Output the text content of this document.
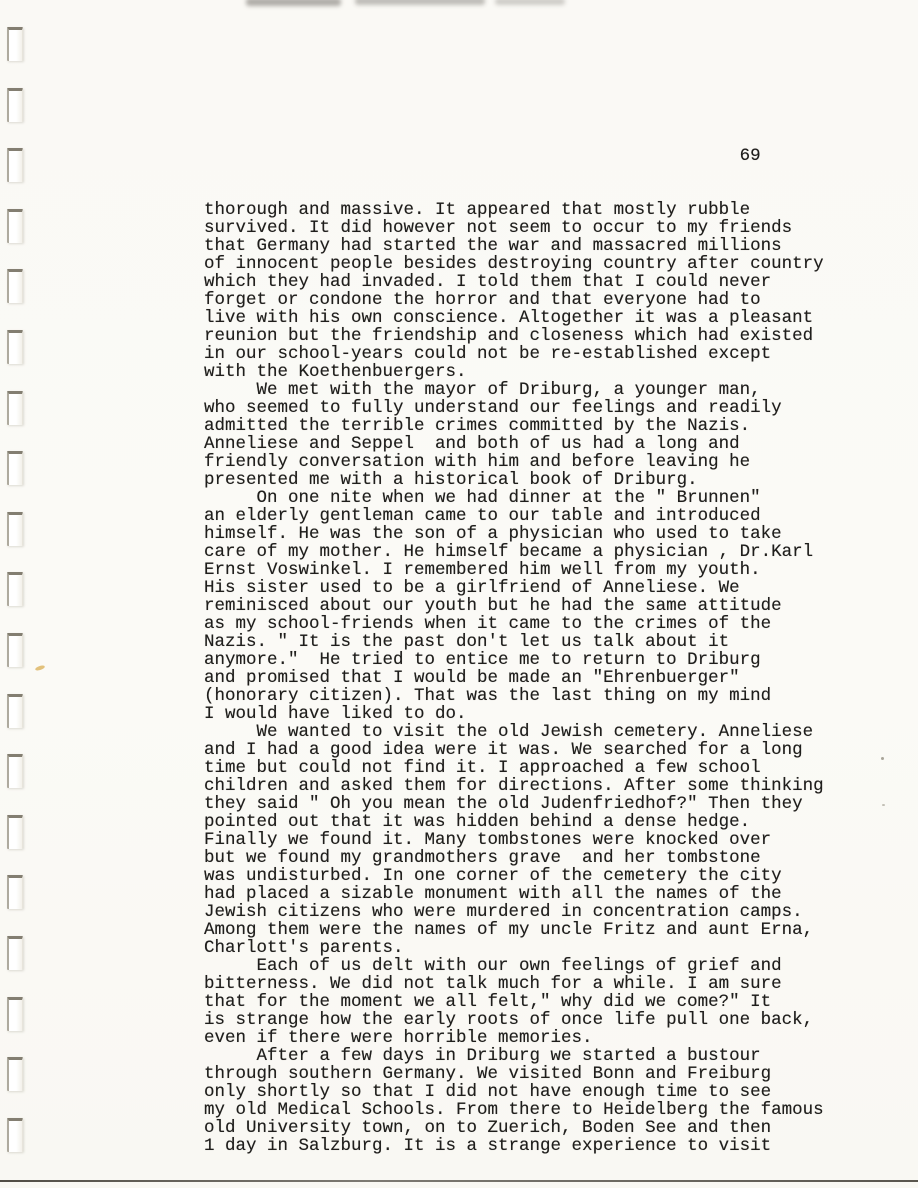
69

thorough and massive. It appeared that mostly rubble
survived. It did however not seem to occur to my friends
that Germany had started the war and massacred millions
of innocent people besides destroying country after country
which they had invaded. I told them that I could never
forget or condone the horror and that everyone had to
live with his own conscience. Altogether it was a pleasant
reunion but the friendship and closeness which had existed
in our school-years could not be re-established except
with the Koethenbuergers.
We met with the mayor of Driburg, a younger man,
who seemed to fully understand our feelings and readily
admitted the terrible crimes committed by the Nazis.
Anneliese and Seppel  and both of us had a long and
friendly conversation with him and before leaving he
presented me with a historical book of Driburg.
On one nite when we had dinner at the " Brunnen"
an elderly gentleman came to our table and introduced
himself. He was the son of a physician who used to take
care of my mother. He himself became a physician , Dr.Karl
Ernst Voswinkel. I remembered him well from my youth.
His sister used to be a girlfriend of Anneliese. We
reminisced about our youth but he had the same attitude
as my school-friends when it came to the crimes of the
Nazis. " It is the past don't let us talk about it
anymore."  He tried to entice me to return to Driburg
and promised that I would be made an "Ehrenbuerger"
(honorary citizen). That was the last thing on my mind
I would have liked to do.
We wanted to visit the old Jewish cemetery. Anneliese
and I had a good idea were it was. We searched for a long
time but could not find it. I approached a few school
children and asked them for directions. After some thinking
they said " Oh you mean the old Judenfriedhof?" Then they
pointed out that it was hidden behind a dense hedge.
Finally we found it. Many tombstones were knocked over
but we found my grandmothers grave  and her tombstone
was undisturbed. In one corner of the cemetery the city
had placed a sizable monument with all the names of the
Jewish citizens who were murdered in concentration camps.
Among them were the names of my uncle Fritz and aunt Erna,
Charlott's parents.
Each of us delt with our own feelings of grief and
bitterness. We did not talk much for a while. I am sure
that for the moment we all felt," why did we come?" It
is strange how the early roots of once life pull one back,
even if there were horrible memories.
After a few days in Driburg we started a bustour
through southern Germany. We visited Bonn and Freiburg
only shortly so that I did not have enough time to see
my old Medical Schools. From there to Heidelberg the famous
old University town, on to Zuerich, Boden See and then
1 day in Salzburg. It is a strange experience to visit
